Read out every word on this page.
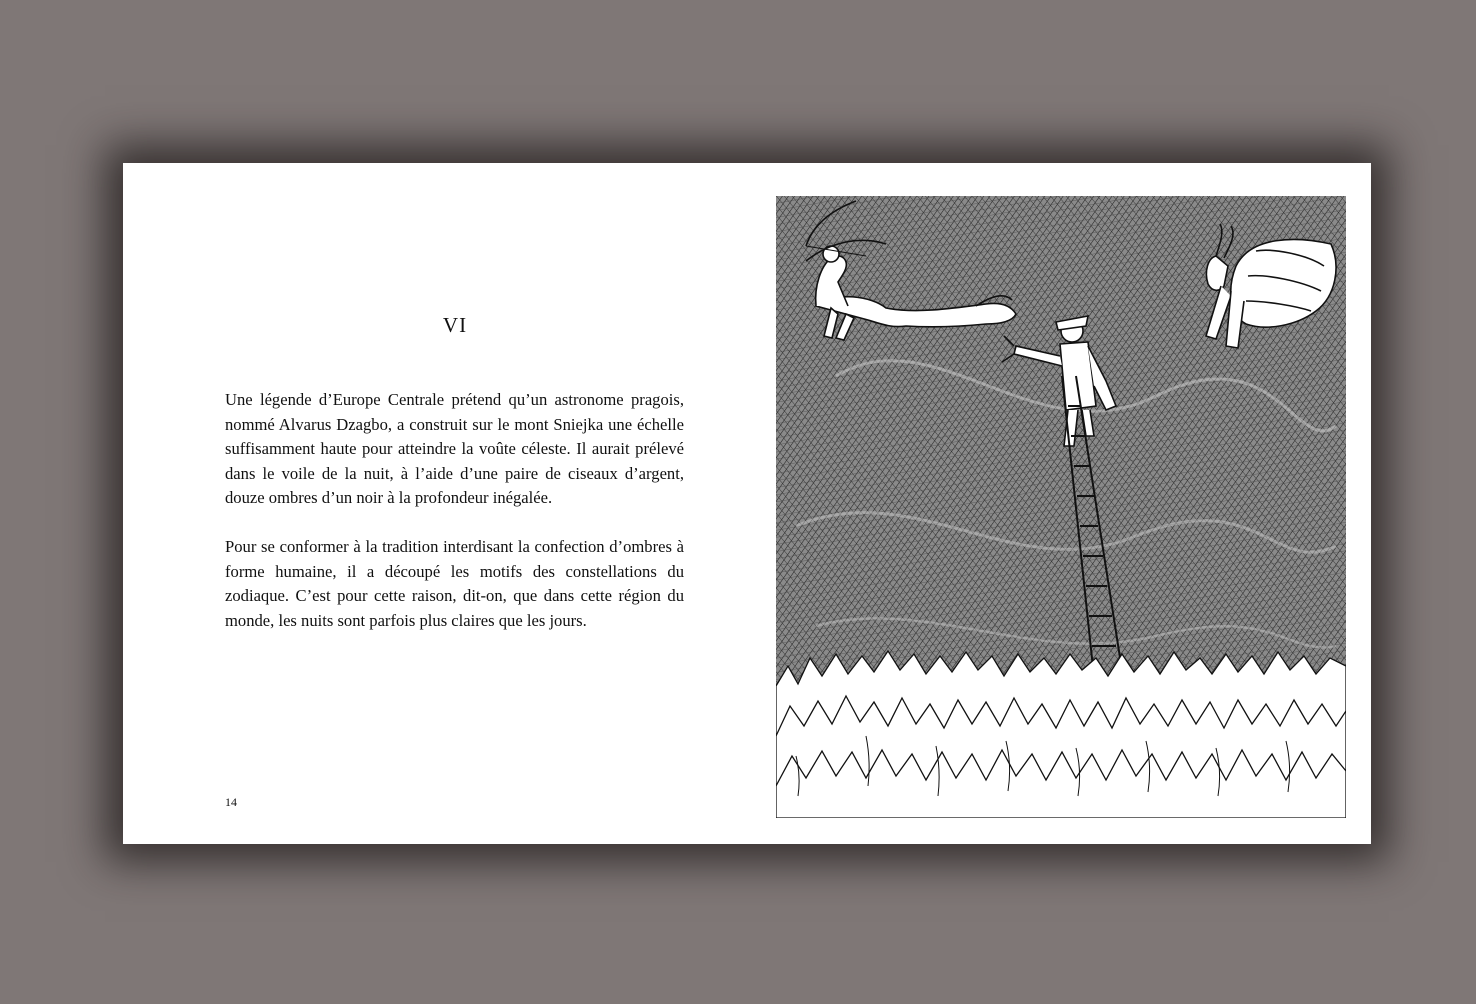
VI

Une légende d’Europe Centrale prétend qu’un astronome pragois, nommé Alvarus Dzagbo, a construit sur le mont Sniejka une échelle suffisamment haute pour atteindre la voûte céleste. Il aurait prélevé dans le voile de la nuit, à l’aide d’une paire de ciseaux d’argent, douze ombres d’un noir à la profondeur inégalée.

Pour se conformer à la tradition interdisant la confection d’ombres à forme humaine, il a découpé les motifs des constellations du zodiaque. C’est pour cette raison, dit-on, que dans cette région du monde, les nuits sont parfois plus claires que les jours.

14
